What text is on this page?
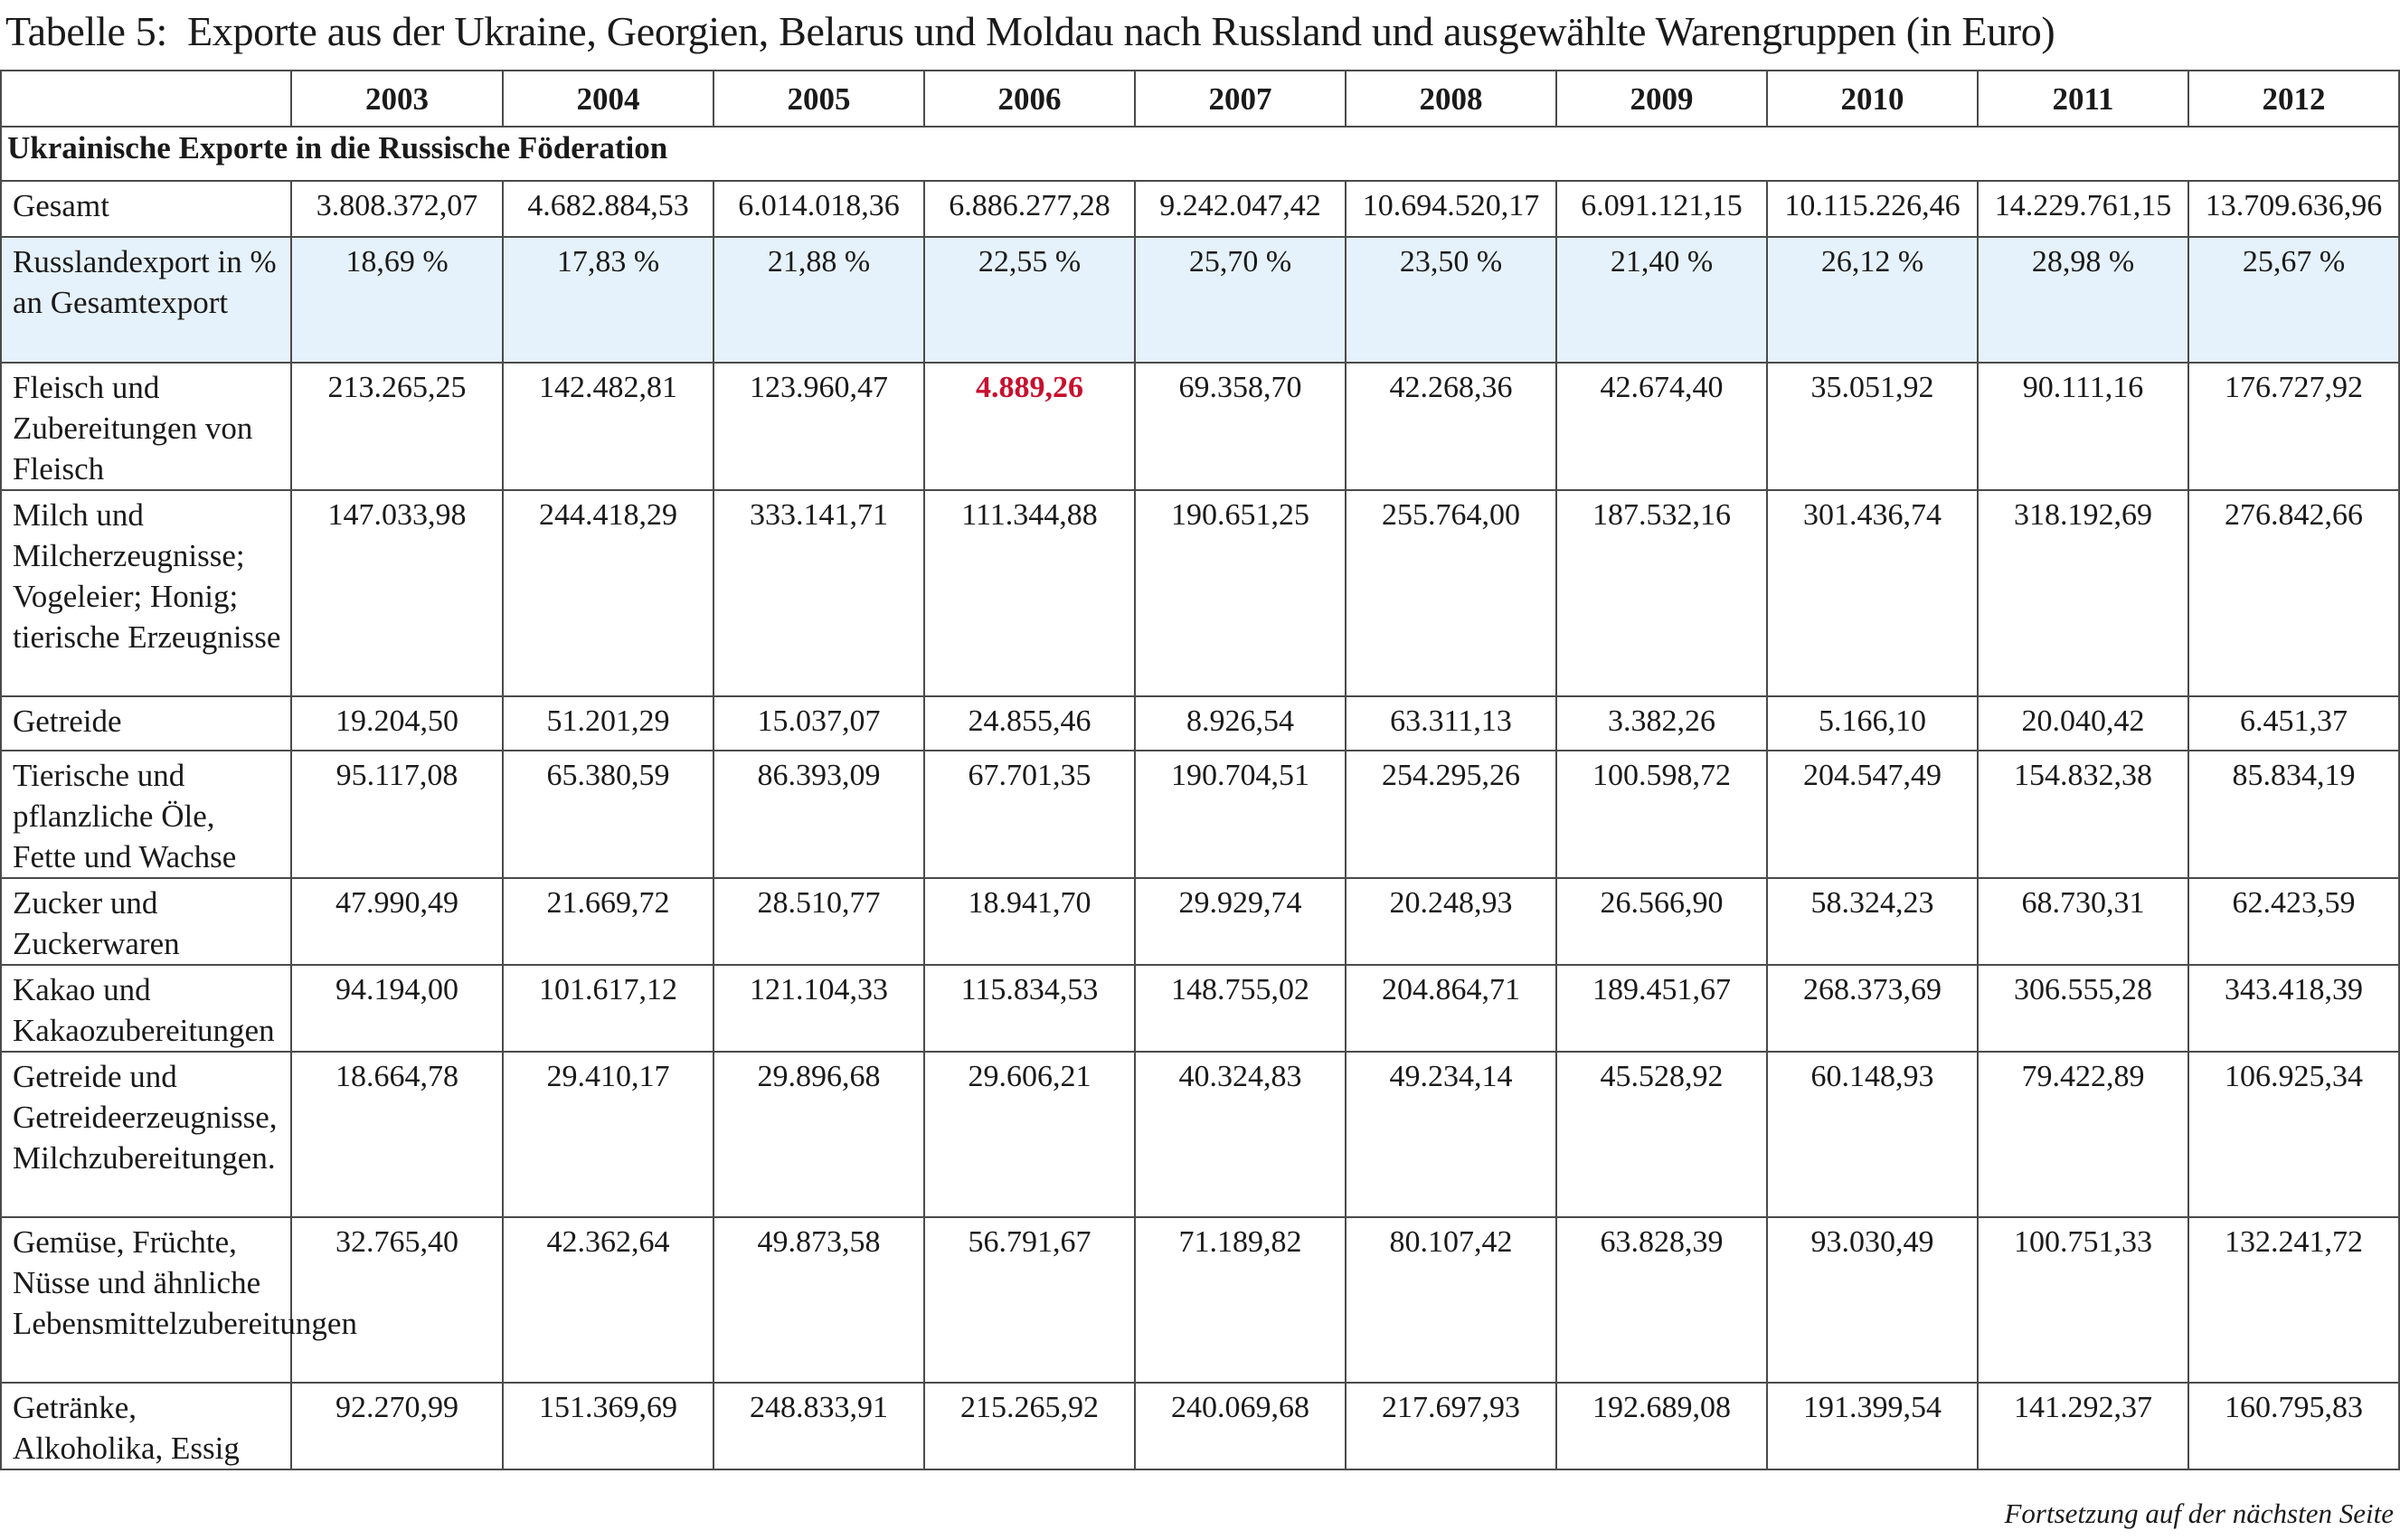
Tabelle 5: Exporte aus der Ukraine, Georgien, Belarus und Moldau nach Russland und ausgewählte Warengruppen (in Euro)
	2003	2004	2005	2006	2007	2008	2009	2010	2011	2012
Ukrainische Exporte in die Russische Föderation										
Gesamt	3.808.372,07	4.682.884,53	6.014.018,36	6.886.277,28	9.242.047,42	10.694.520,17	6.091.121,15	10.115.226,46	14.229.761,15	13.709.636,96
Russlandexport in % an Gesamtexport	18,69 %	17,83 %	21,88 %	22,55 %	25,70 %	23,50 %	21,40 %	26,12 %	28,98 %	25,67 %
Fleisch und Zubereitungen von Fleisch	213.265,25	142.482,81	123.960,47	4.889,26	69.358,70	42.268,36	42.674,40	35.051,92	90.111,16	176.727,92
Milch und Milcherzeugnisse; Vogeleier; Honig; tierische Erzeugnisse	147.033,98	244.418,29	333.141,71	111.344,88	190.651,25	255.764,00	187.532,16	301.436,74	318.192,69	276.842,66
Getreide	19.204,50	51.201,29	15.037,07	24.855,46	8.926,54	63.311,13	3.382,26	5.166,10	20.040,42	6.451,37
Tierische und pflanzliche Öle, Fette und Wachse	95.117,08	65.380,59	86.393,09	67.701,35	190.704,51	254.295,26	100.598,72	204.547,49	154.832,38	85.834,19
Zucker und Zuckerwaren	47.990,49	21.669,72	28.510,77	18.941,70	29.929,74	20.248,93	26.566,90	58.324,23	68.730,31	62.423,59
Kakao und Kakaozubereitungen	94.194,00	101.617,12	121.104,33	115.834,53	148.755,02	204.864,71	189.451,67	268.373,69	306.555,28	343.418,39
Getreide und Getreideerzeugnisse, Milchzubereitungen.	18.664,78	29.410,17	29.896,68	29.606,21	40.324,83	49.234,14	45.528,92	60.148,93	79.422,89	106.925,34
Gemüse, Früchte, Nüsse und ähnliche Lebensmittelzubereitungen	32.765,40	42.362,64	49.873,58	56.791,67	71.189,82	80.107,42	63.828,39	93.030,49	100.751,33	132.241,72
Getränke, Alkoholika, Essig	92.270,99	151.369,69	248.833,91	215.265,92	240.069,68	217.697,93	192.689,08	191.399,54	141.292,37	160.795,83
Fortsetzung auf der nächsten Seite
